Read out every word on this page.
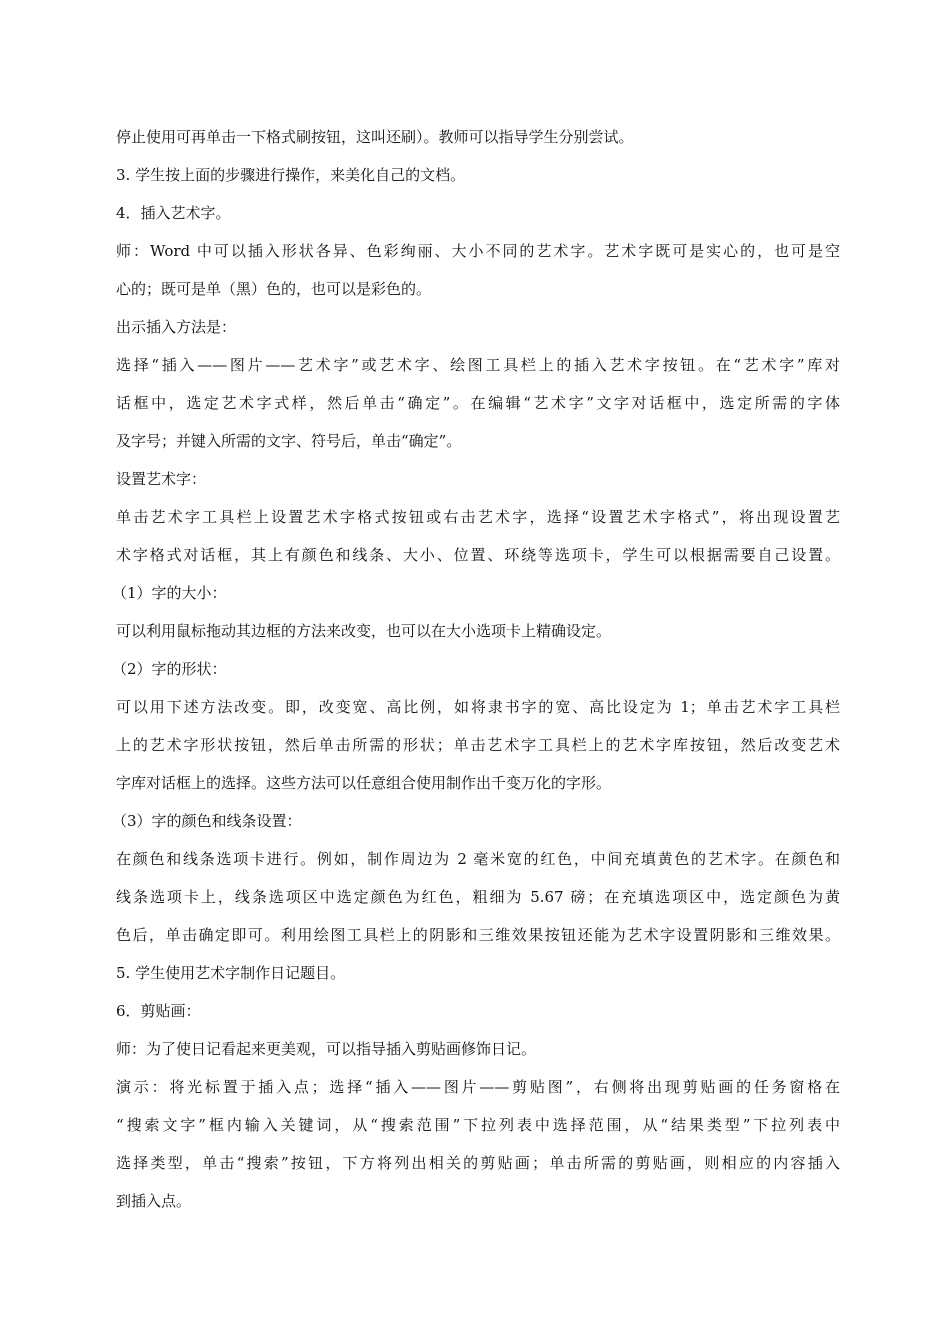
停止使用可再单击一下格式刷按钮，这叫还刷）。教师可以指导学生分别尝试。
3. 学生按上面的步骤进行操作，来美化自己的文档。
4．插入艺术字。
师：Word 中可以插入形状各异、色彩绚丽、大小不同的艺术字。艺术字既可是实心的，也可是空
心的；既可是单（黑）色的，也可以是彩色的。
出示插入方法是：
选择“插入——图片——艺术字”或艺术字、绘图工具栏上的插入艺术字按钮。在“艺术字”库对
话框中，选定艺术字式样，然后单击“确定”。在编辑“艺术字”文字对话框中，选定所需的字体
及字号；并键入所需的文字、符号后，单击“确定”。
设置艺术字：
单击艺术字工具栏上设置艺术字格式按钮或右击艺术字，选择“设置艺术字格式”，将出现设置艺
术字格式对话框，其上有颜色和线条、大小、位置、环绕等选项卡，学生可以根据需要自己设置。
（1）字的大小：
可以利用鼠标拖动其边框的方法来改变，也可以在大小选项卡上精确设定。
（2）字的形状：
可以用下述方法改变。即，改变宽、高比例，如将隶书字的宽、高比设定为 1；单击艺术字工具栏
上的艺术字形状按钮，然后单击所需的形状；单击艺术字工具栏上的艺术字库按钮，然后改变艺术
字库对话框上的选择。这些方法可以任意组合使用制作出千变万化的字形。
（3）字的颜色和线条设置：
在颜色和线条选项卡进行。例如，制作周边为 2 毫米宽的红色，中间充填黄色的艺术字。在颜色和
线条选项卡上，线条选项区中选定颜色为红色，粗细为 5.67 磅；在充填选项区中，选定颜色为黄
色后，单击确定即可。利用绘图工具栏上的阴影和三维效果按钮还能为艺术字设置阴影和三维效果。
5. 学生使用艺术字制作日记题目。
6．剪贴画：
师：为了使日记看起来更美观，可以指导插入剪贴画修饰日记。
演示：将光标置于插入点；选择“插入——图片——剪贴图”，右侧将出现剪贴画的任务窗格在
“搜索文字”框内输入关键词，从“搜索范围”下拉列表中选择范围，从“结果类型”下拉列表中
选择类型，单击“搜索”按钮，下方将列出相关的剪贴画；单击所需的剪贴画，则相应的内容插入
到插入点。
